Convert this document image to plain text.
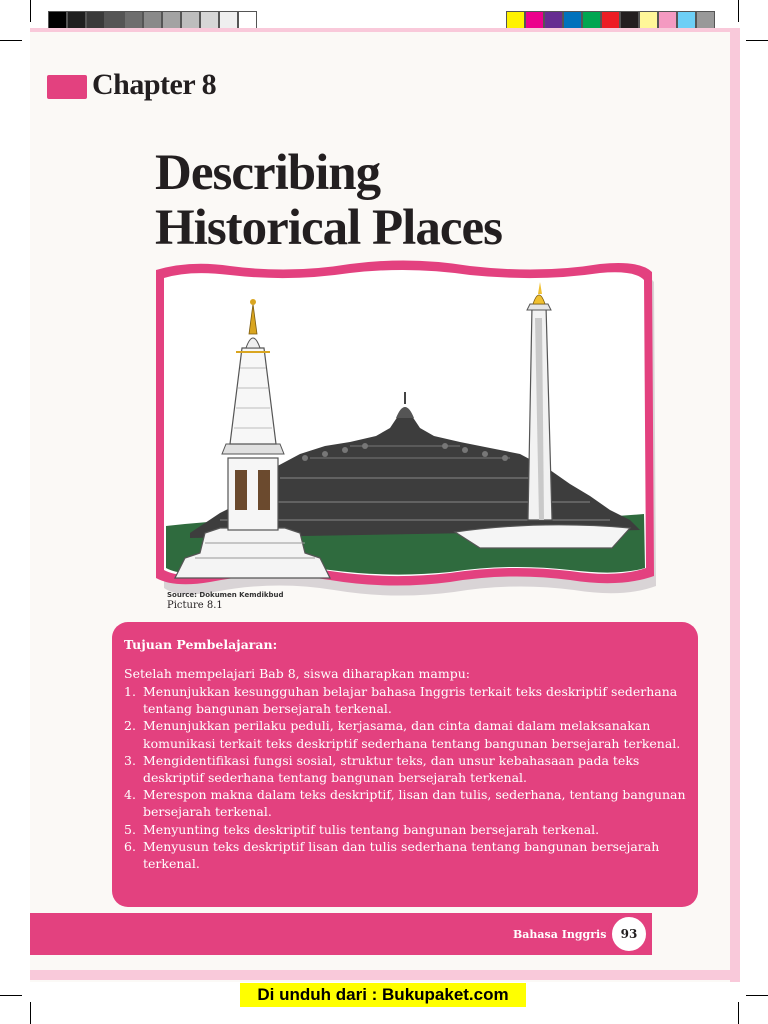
Chapter 8
Describing
Historical Places
Source: Dokumen Kemdikbud
Picture 8.1
Tujuan Pembelajaran:
Setelah mempelajari Bab 8, siswa diharapkan mampu:
1. Menunjukkan kesungguhan belajar bahasa Inggris terkait teks deskriptif sederhana tentang bangunan bersejarah terkenal.
2. Menunjukkan perilaku peduli, kerjasama, dan cinta damai dalam melaksanakan komunikasi terkait teks deskriptif sederhana tentang bangunan bersejarah terkenal.
3. Mengidentifikasi fungsi sosial, struktur teks, dan unsur kebahasaan pada teks deskriptif sederhana tentang bangunan bersejarah terkenal.
4. Merespon makna dalam teks deskriptif, lisan dan tulis, sederhana, tentang bangunan bersejarah terkenal.
5. Menyunting teks deskriptif tulis tentang bangunan bersejarah terkenal.
6. Menyusun teks deskriptif lisan dan tulis sederhana tentang bangunan bersejarah terkenal.
Bahasa Inggris	93
Di unduh dari : Bukupaket.com
